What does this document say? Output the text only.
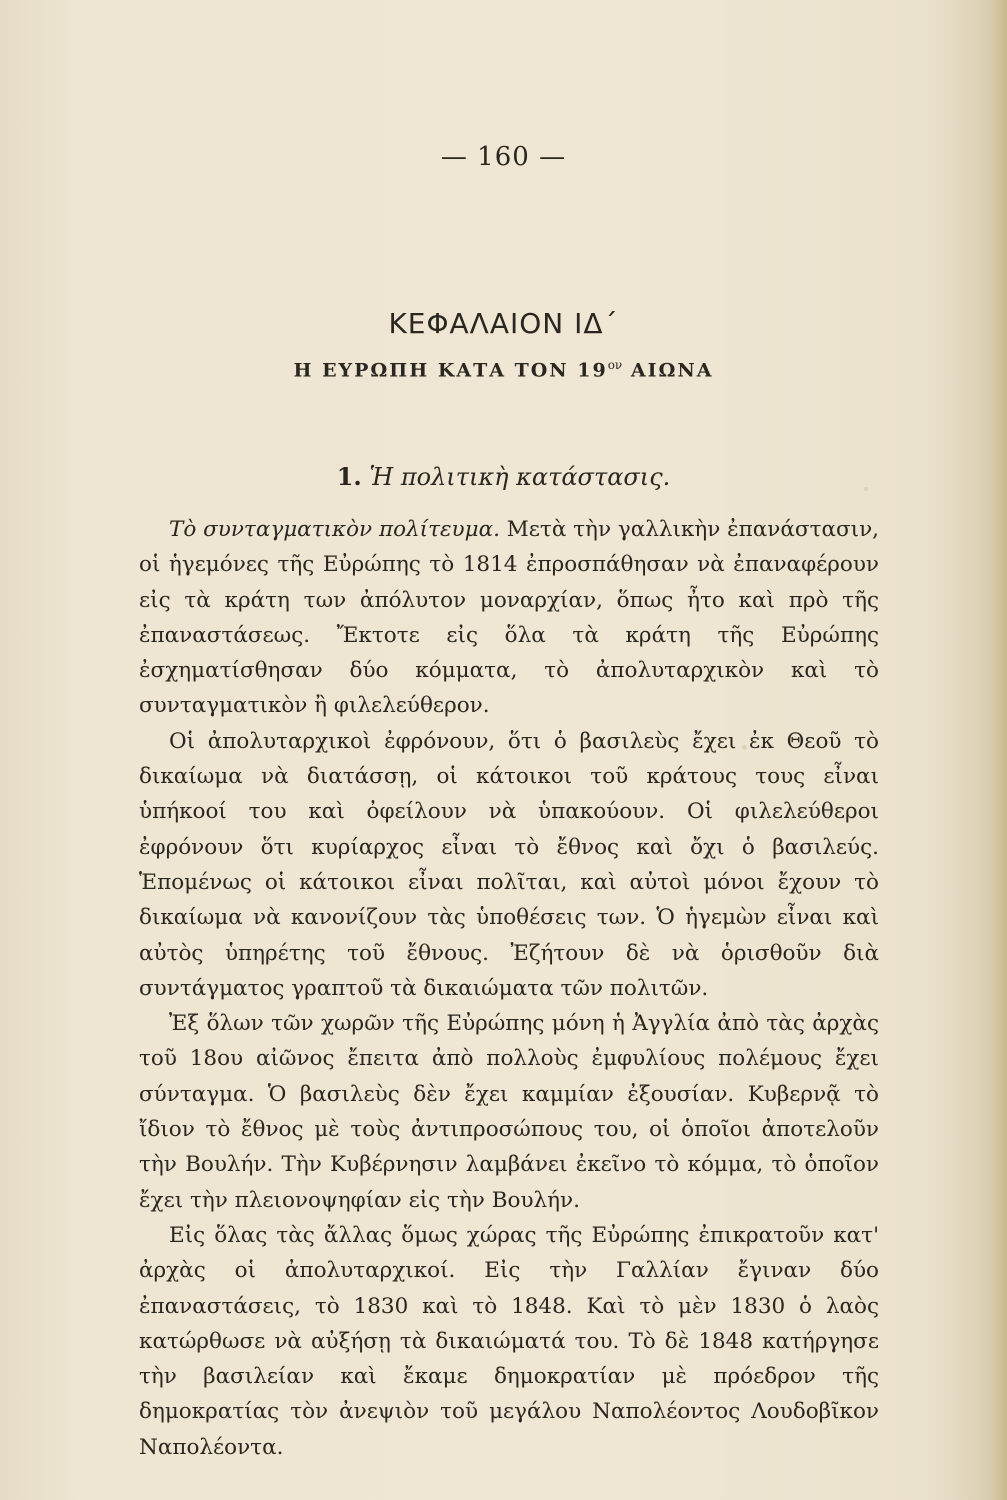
— 160 —
ΚΕΦΑΛΑΙΟΝ ΙΔ΄
Η ΕΥΡΩΠΗ ΚΑΤΑ ΤΟΝ $19^{o\nu}$ ΑΙΩΝΑ
1. Ἡ πολιτικὴ κατάστασις.

Τὸ συνταγματικὸν πολίτευμα. Μετὰ τὴν γαλλικὴν ἐπανάστασιν, οἱ ἡγεμόνες τῆς Εὐρώπης τὸ 1814 ἐπροσπάθησαν νὰ ἐπαναφέρουν εἰς τὰ κράτη των ἀπόλυτον μοναρχίαν, ὅπως ἦτο καὶ πρὸ τῆς ἐπαναστάσεως. Ἔκτοτε εἰς ὅλα τὰ κράτη τῆς Εὐρώπης ἐσχηματίσθησαν δύο κόμματα, τὸ ἀπολυταρχικὸν καὶ τὸ συνταγματικὸν ἢ φιλελεύθερον.

Οἱ ἀπολυταρχικοὶ ἐφρόνουν, ὅτι ὁ βασιλεὺς ἔχει ἐκ Θεοῦ τὸ δικαίωμα νὰ διατάσσῃ, οἱ κάτοικοι τοῦ κράτους τους εἶναι ὑπήκοοί του καὶ ὀφείλουν νὰ ὑπακούουν. Οἱ φιλελεύθεροι ἐφρόνουν ὅτι κυρίαρχος εἶναι τὸ ἔθνος καὶ ὄχι ὁ βασιλεύς. Ἑπομένως οἱ κάτοικοι εἶναι πολῖται, καὶ αὐτοὶ μόνοι ἔχουν τὸ δικαίωμα νὰ κανονίζουν τὰς ὑποθέσεις των. Ὁ ἡγεμὼν εἶναι καὶ αὐτὸς ὑπηρέτης τοῦ ἔθνους. Ἐζήτουν δὲ νὰ ὁρισθοῦν διὰ συντάγματος γραπτοῦ τὰ δικαιώματα τῶν πολιτῶν.

Ἐξ ὅλων τῶν χωρῶν τῆς Εὐρώπης μόνη ἡ Ἀγγλία ἀπὸ τὰς ἀρχὰς τοῦ 18ου αἰῶνος ἔπειτα ἀπὸ πολλοὺς ἐμφυλίους πολέμους ἔχει σύνταγμα. Ὁ βασιλεὺς δὲν ἔχει καμμίαν ἐξουσίαν. Κυβερνᾷ τὸ ἴδιον τὸ ἔθνος μὲ τοὺς ἀντιπροσώπους του, οἱ ὁποῖοι ἀποτελοῦν τὴν Βουλήν. Τὴν Κυβέρνησιν λαμβάνει ἐκεῖνο τὸ κόμμα, τὸ ὁποῖον ἔχει τὴν πλειονοψηφίαν εἰς τὴν Βουλήν.

Εἰς ὅλας τὰς ἄλλας ὅμως χώρας τῆς Εὐρώπης ἐπικρατοῦν κατ' ἀρχὰς οἱ ἀπολυταρχικοί. Εἰς τὴν Γαλλίαν ἔγιναν δύο ἐπαναστάσεις, τὸ 1830 καὶ τὸ 1848. Καὶ τὸ μὲν 1830 ὁ λαὸς κατώρθωσε νὰ αὐξήσῃ τὰ δικαιώματά του. Τὸ δὲ 1848 κατήργησε τὴν βασιλείαν καὶ ἔκαμε δημοκρατίαν μὲ πρόεδρον τῆς δημοκρατίας τὸν ἀνεψιὸν τοῦ μεγάλου Ναπολέοντος Λουδοβῖκον Ναπολέοντα.
